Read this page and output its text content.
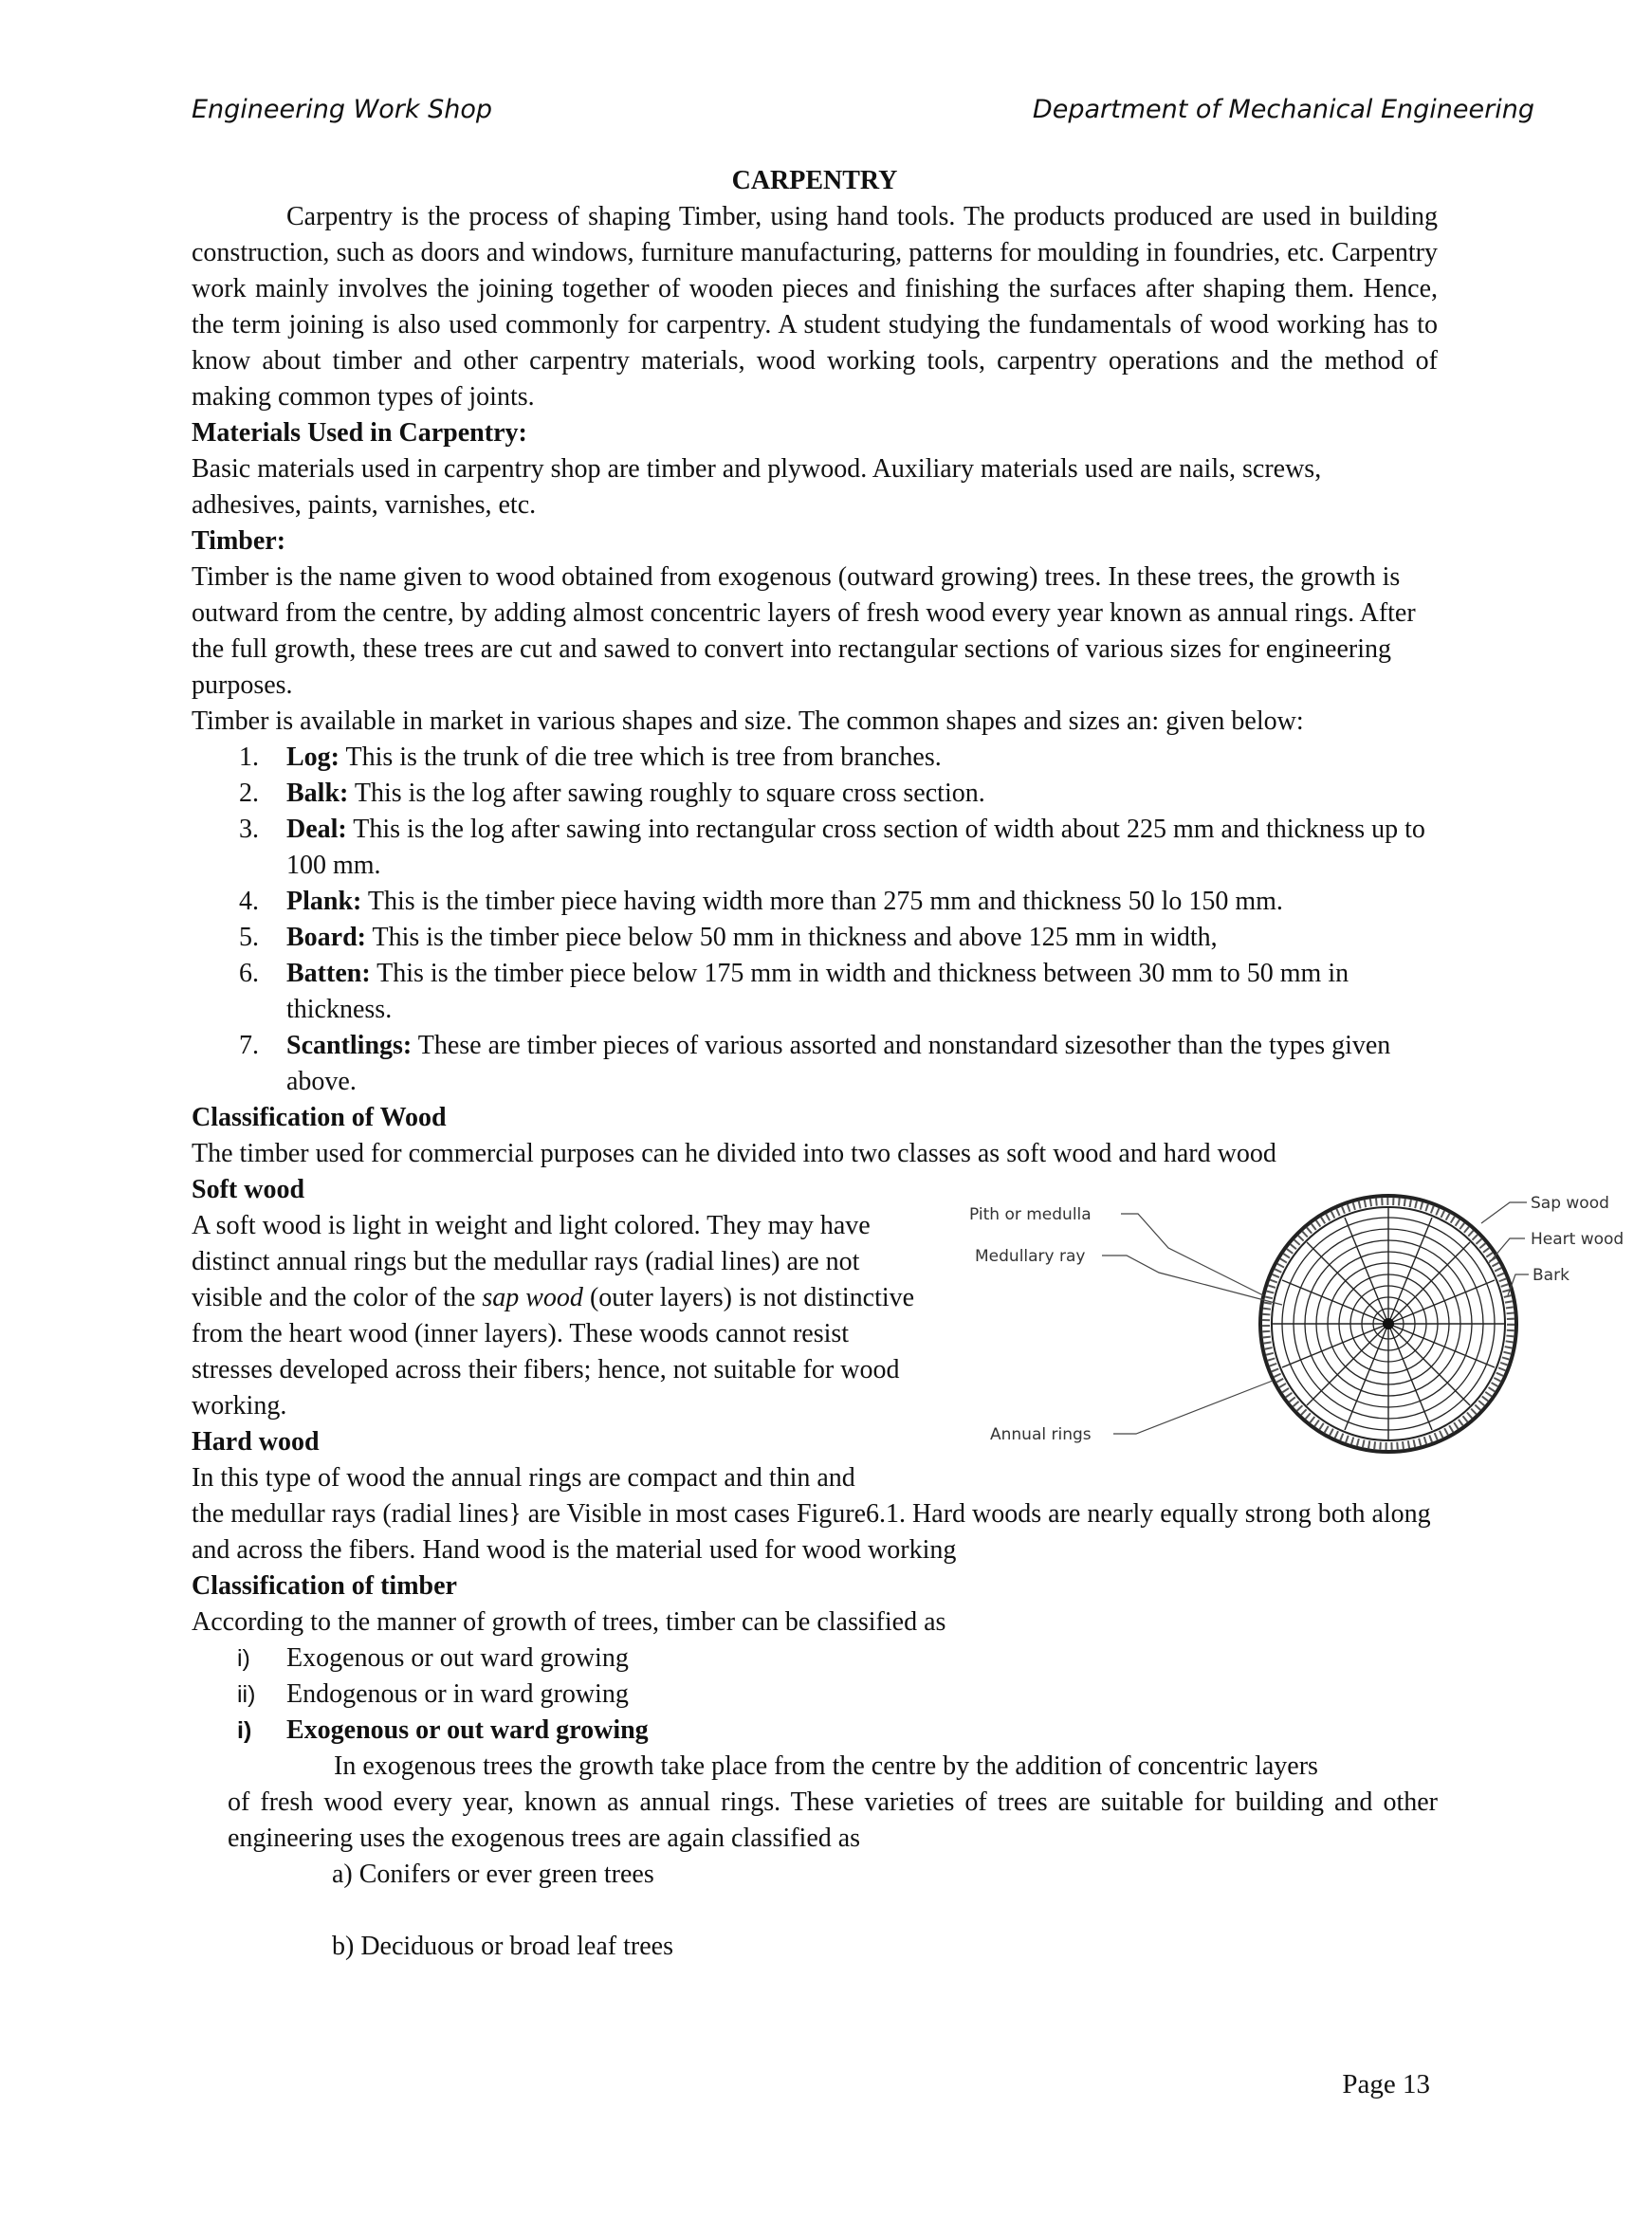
Engineering Work Shop	Department of Mechanical Engineering

CARPENTRY

Carpentry is the process of shaping Timber, using hand tools. The products produced are used in building construction, such as doors and windows, furniture manufacturing, patterns for moulding in foundries, etc. Carpentry work mainly involves the joining together of wooden pieces and finishing the surfaces after shaping them. Hence, the term joining is also used commonly for carpentry. A student studying the fundamentals of wood working has to know about timber and other carpentry materials, wood working tools, carpentry operations and the method of making common types of joints.

Materials Used in Carpentry:

Basic materials used in carpentry shop are timber and plywood. Auxiliary materials used are nails, screws, adhesives, paints, varnishes, etc.

Timber:

Timber is the name given to wood obtained from exogenous (outward growing) trees. In these trees, the growth is outward from the centre, by adding almost concentric layers of fresh wood every year known as annual rings. After the full growth, these trees are cut and sawed to convert into rectangular sections of various sizes for engineering purposes.

Timber is available in market in various shapes and size. The common shapes and sizes an: given below:

1. Log: This is the trunk of die tree which is tree from branches.
2. Balk: This is the log after sawing roughly to square cross section.
3. Deal: This is the log after sawing into rectangular cross section of width about 225 mm and thickness up to 100 mm.
4. Plank: This is the timber piece having width more than 275 mm and thickness 50 lo 150 mm.
5. Board: This is the timber piece below 50 mm in thickness and above 125 mm in width,
6. Batten: This is the timber piece below 175 mm in width and thickness between 30 mm to 50 mm in thickness.
7. Scantlings: These are timber pieces of various assorted and nonstandard sizesother than the types given above.

Classification of Wood

The timber used for commercial purposes can he divided into two classes as soft wood and hard wood

Soft wood

A soft wood is light in weight and light colored. They may have distinct annual rings but the medullar rays (radial lines) are not visible and the color of the sap wood (outer layers) is not distinctive from the heart wood (inner layers). These woods cannot resist stresses developed across their fibers; hence, not suitable for wood working.

Hard wood

In this type of wood the annual rings are compact and thin and

Pith or medulla
Medullary ray
Annual rings
Sap wood
Heart wood
Bark

the medullar rays (radial lines} are Visible in most cases Figure6.1. Hard woods are nearly equally strong both along and across the fibers. Hand wood is the material used for wood working

Classification of timber

According to the manner of growth of trees, timber can be classified as

i) Exogenous or out ward growing
ii) Endogenous or in ward growing
i) Exogenous or out ward growing

In exogenous trees the growth take place from the centre by the addition of concentric layers
of fresh wood every year, known as annual rings. These varieties of trees are suitable for building and other engineering uses the exogenous trees are again classified as

a) Conifers or ever green trees

b) Deciduous or broad leaf trees

Page 13
